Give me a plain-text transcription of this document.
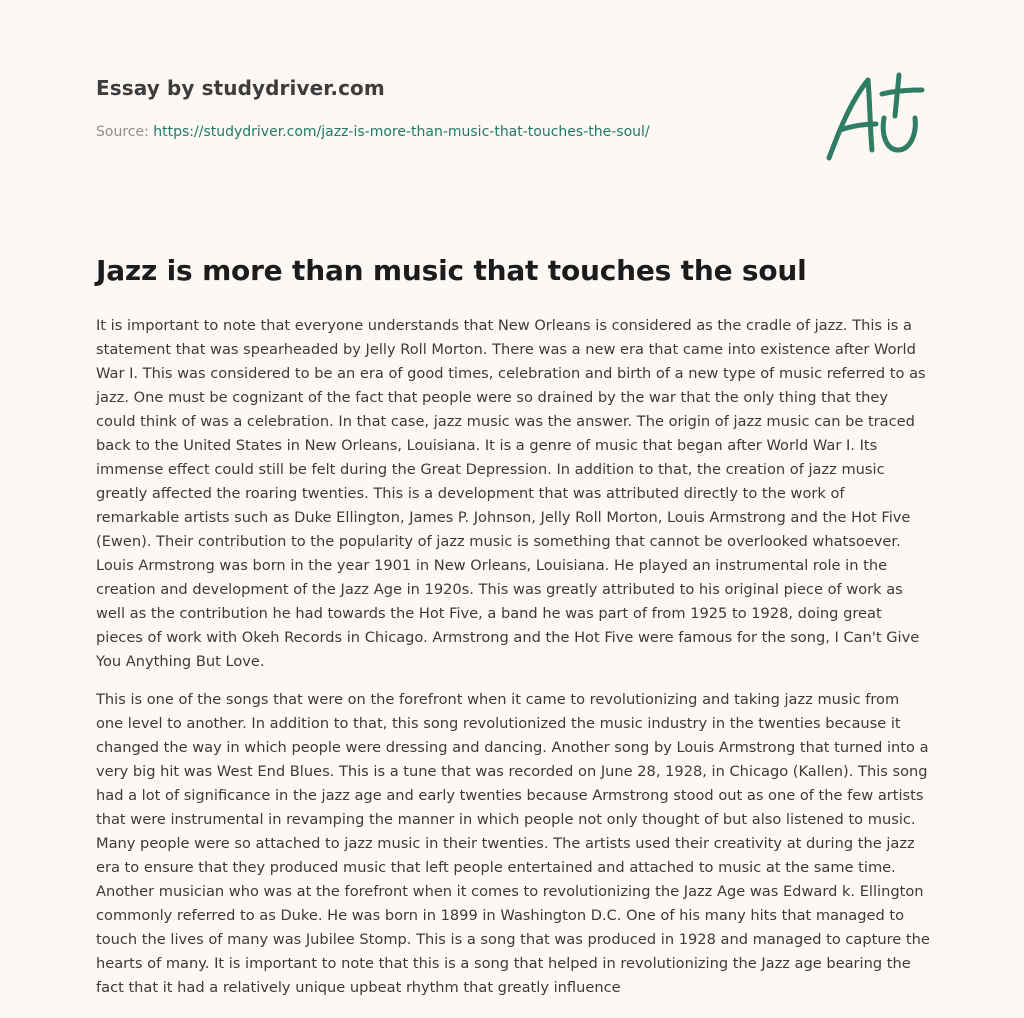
Essay by studydriver.com
Source: https://studydriver.com/jazz-is-more-than-music-that-touches-the-soul/
Jazz is more than music that touches the soul

It is important to note that everyone understands that New Orleans is considered as the cradle of jazz. This is a statement that was spearheaded by Jelly Roll Morton. There was a new era that came into existence after World War I. This was considered to be an era of good times, celebration and birth of a new type of music referred to as jazz. One must be cognizant of the fact that people were so drained by the war that the only thing that they could think of was a celebration. In that case, jazz music was the answer. The origin of jazz music can be traced back to the United States in New Orleans, Louisiana. It is a genre of music that began after World War I. Its immense effect could still be felt during the Great Depression. In addition to that, the creation of jazz music greatly affected the roaring twenties. This is a development that was attributed directly to the work of remarkable artists such as Duke Ellington, James P. Johnson, Jelly Roll Morton, Louis Armstrong and the Hot Five (Ewen). Their contribution to the popularity of jazz music is something that cannot be overlooked whatsoever. Louis Armstrong was born in the year 1901 in New Orleans, Louisiana. He played an instrumental role in the creation and development of the Jazz Age in 1920s. This was greatly attributed to his original piece of work as well as the contribution he had towards the Hot Five, a band he was part of from 1925 to 1928, doing great pieces of work with Okeh Records in Chicago. Armstrong and the Hot Five were famous for the song, I Can't Give You Anything But Love.

This is one of the songs that were on the forefront when it came to revolutionizing and taking jazz music from one level to another. In addition to that, this song revolutionized the music industry in the twenties because it changed the way in which people were dressing and dancing. Another song by Louis Armstrong that turned into a very big hit was West End Blues. This is a tune that was recorded on June 28, 1928, in Chicago (Kallen). This song had a lot of significance in the jazz age and early twenties because Armstrong stood out as one of the few artists that were instrumental in revamping the manner in which people not only thought of but also listened to music. Many people were so attached to jazz music in their twenties. The artists used their creativity at during the jazz era to ensure that they produced music that left people entertained and attached to music at the same time. Another musician who was at the forefront when it comes to revolutionizing the Jazz Age was Edward k. Ellington commonly referred to as Duke. He was born in 1899 in Washington D.C. One of his many hits that managed to touch the lives of many was Jubilee Stomp. This is a song that was produced in 1928 and managed to capture the hearts of many. It is important to note that this is a song that helped in revolutionizing the Jazz age bearing the fact that it had a relatively unique upbeat rhythm that greatly influence
